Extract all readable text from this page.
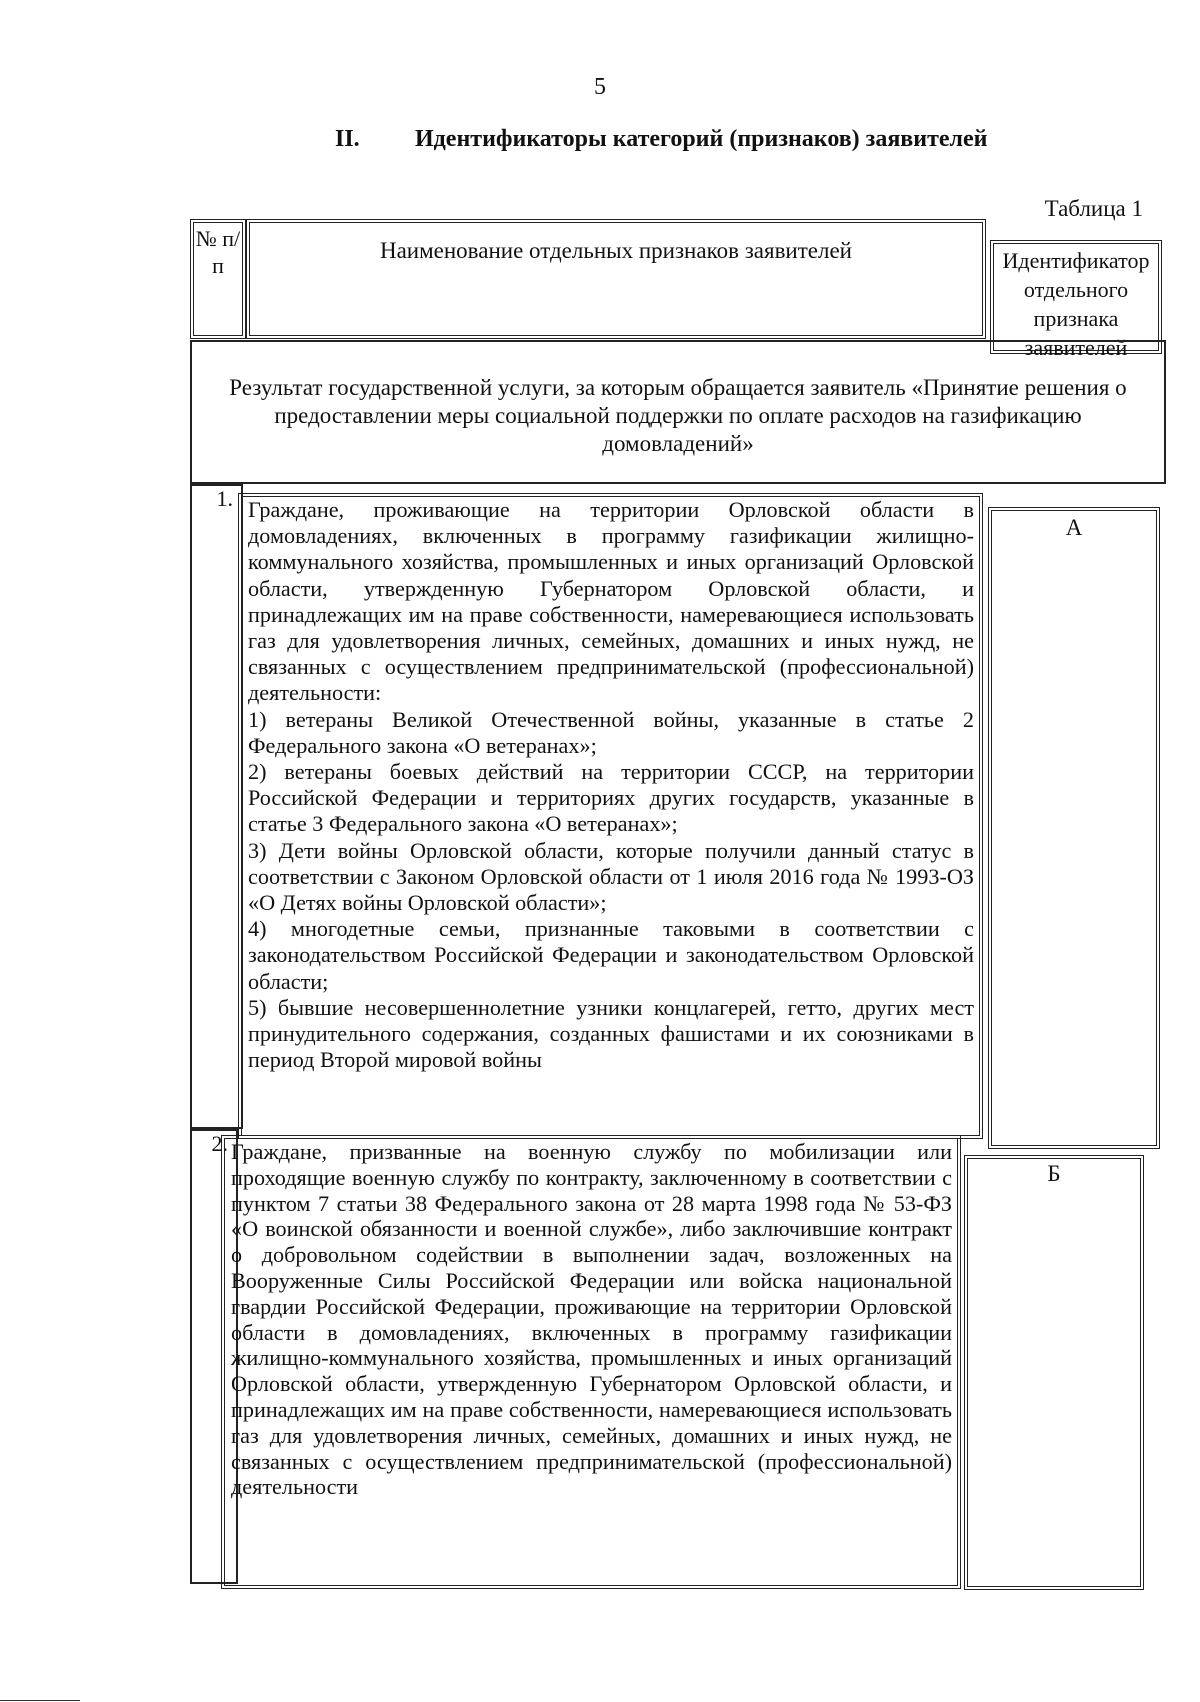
5
II. Идентификаторы категорий (признаков) заявителей
Таблица 1
№ п/п
Наименование отдельных признаков заявителей	Идентификатор отдельного признака заявителей
Результат государственной услуги, за которым обращается заявитель «Принятие решения о предоставлении меры социальной поддержки по оплате расходов на газификацию домовладений»
1. Граждане, проживающие на территории Орловской области в домовладениях, включенных в программу газификации жилищно-коммунального хозяйства, промышленных и иных организаций Орловской области, утвержденную Губернатором Орловской области, и принадлежащих им на праве собственности, намеревающиеся использовать газ для удовлетворения личных, семейных, домашних и иных нужд, не связанных с осуществлением предпринимательской (профессиональной) деятельности:

1) ветераны Великой Отечественной войны, указанные в статье 2 Федерального закона «О ветеранах»;

2) ветераны боевых действий на территории СССР, на территории Российской Федерации и территориях других государств, указанные в статье 3 Федерального закона «О ветеранах»;

3) Дети войны Орловской области, которые получили данный статус в соответствии с Законом Орловской области от 1 июля 2016 года № 1993-ОЗ «О Детях войны Орловской области»;

4) многодетные семьи, признанные таковыми в соответствии с законодательством Российской Федерации и законодательством Орловской области;

5) бывшие несовершеннолетние узники концлагерей, гетто, других мест принудительного содержания, созданных фашистами и их союзниками в период Второй мировой войны

А
2. Граждане, призванные на военную службу по мобилизации или проходящие военную службу по контракту, заключенному в соответствии с пунктом 7 статьи 38 Федерального закона от 28 марта 1998 года № 53-ФЗ «О воинской обязанности и военной службе», либо заключившие контракт о добровольном содействии в выполнении задач, возложенных на Вооруженные Силы Российской Федерации или войска национальной гвардии Российской Федерации, проживающие на территории Орловской области в домовладениях, включенных в программу газификации жилищно-коммунального хозяйства, промышленных и иных организаций Орловской области, утвержденную Губернатором Орловской области, и принадлежащих им на праве собственности, намеревающиеся использовать газ для удовлетворения личных, семейных, домашних и иных нужд, не связанных с осуществлением предпринимательской (профессиональной) деятельности

Б
